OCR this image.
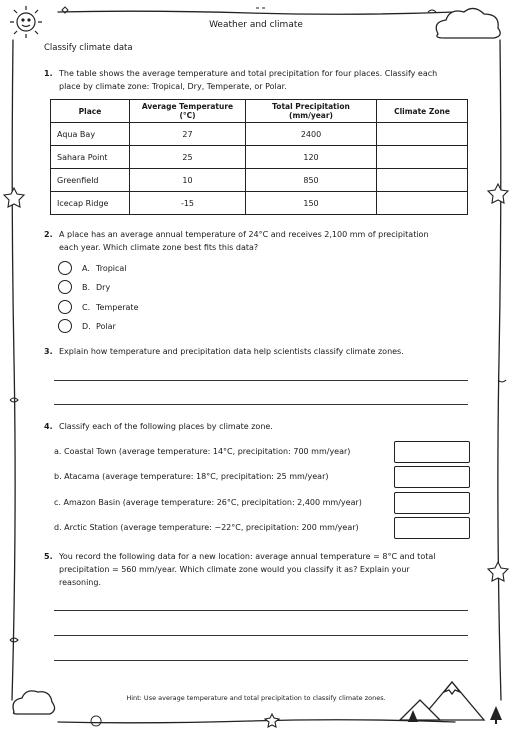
Weather and climate
Classify climate data
1. The table shows the average temperature and total precipitation for four places. Classify each place by climate zone: Tropical, Dry, Temperate, or Polar.
Place	Average Temperature (°C)	Total Precipitation (mm/year)	Climate Zone
Aqua Bay	27	2400	
Sahara Point	25	120	
Greenfield	10	850	
Icecap Ridge	-15	150	
2. A place has an average annual temperature of 24°C and receives 2,100 mm of precipitation each year. Which climate zone best fits this data?
A. Tropical
B. Dry
C. Temperate
D. Polar
3. Explain how temperature and precipitation data help scientists classify climate zones.
4. Classify each of the following places by climate zone.
a. Coastal Town (average temperature: 14°C, precipitation: 700 mm/year)
b. Atacama (average temperature: 18°C, precipitation: 25 mm/year)
c. Amazon Basin (average temperature: 26°C, precipitation: 2,400 mm/year)
d. Arctic Station (average temperature: −22°C, precipitation: 200 mm/year)
5. You record the following data for a new location: average annual temperature = 8°C and total precipitation = 560 mm/year. Which climate zone would you classify it as? Explain your reasoning.
Hint: Use average temperature and total precipitation to classify climate zones.
